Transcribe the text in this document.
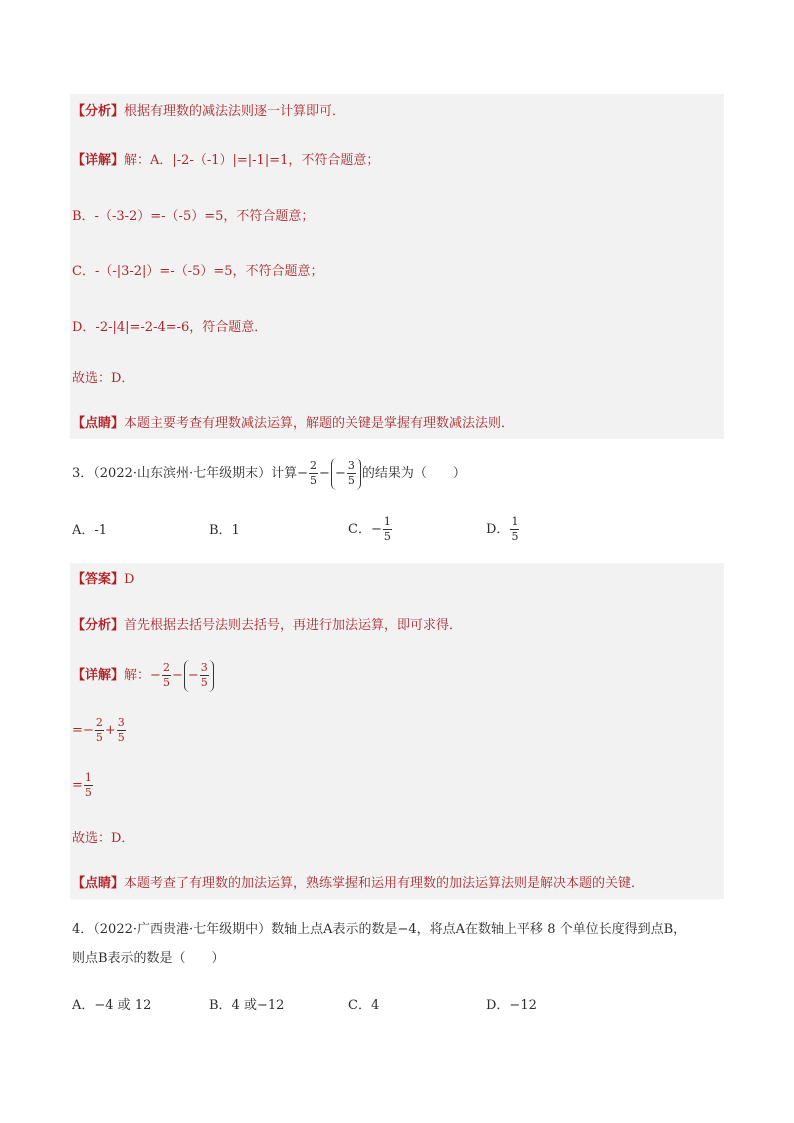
【分析】根据有理数的减法法则逐一计算即可．
【详解】解：A．|-2-（-1）|=|-1|=1，不符合题意；
B．-（-3-2）=-（-5）=5，不符合题意；
C．-（-|3-2|）=-（-5）=5，不符合题意；
D．-2-|4|=-2-4=-6，符合题意．
故选：D．
【点睛】本题主要考查有理数减法运算，解题的关键是掌握有理数减法法则．
3．（2022·山东滨州·七年级期末）计算− $\frac{2}{5}$ − − $\frac{3}{5}$ 的结果为（　　）
A．-1	B．1	C．− $\frac{1}{5}$	D． $\frac{1}{5}$
【答案】D
【分析】首先根据去括号法则去括号，再进行加法运算，即可求得．
【详解】解：− $\frac{2}{5}$ − − $\frac{3}{5}$
=− $\frac{2}{5} + \frac{3}{5}$
= $\frac{1}{5}$
故选：D．
【点睛】本题考查了有理数的加法运算，熟练掌握和运用有理数的加法运算法则是解决本题的关键．
4．（2022·广西贵港·七年级期中）数轴上点A表示的数是−4，将点A在数轴上平移 8 个单位长度得到点B，
则点B表示的数是（　　）
A．−4 或 12	B．4 或−12	C．4	D．−12
